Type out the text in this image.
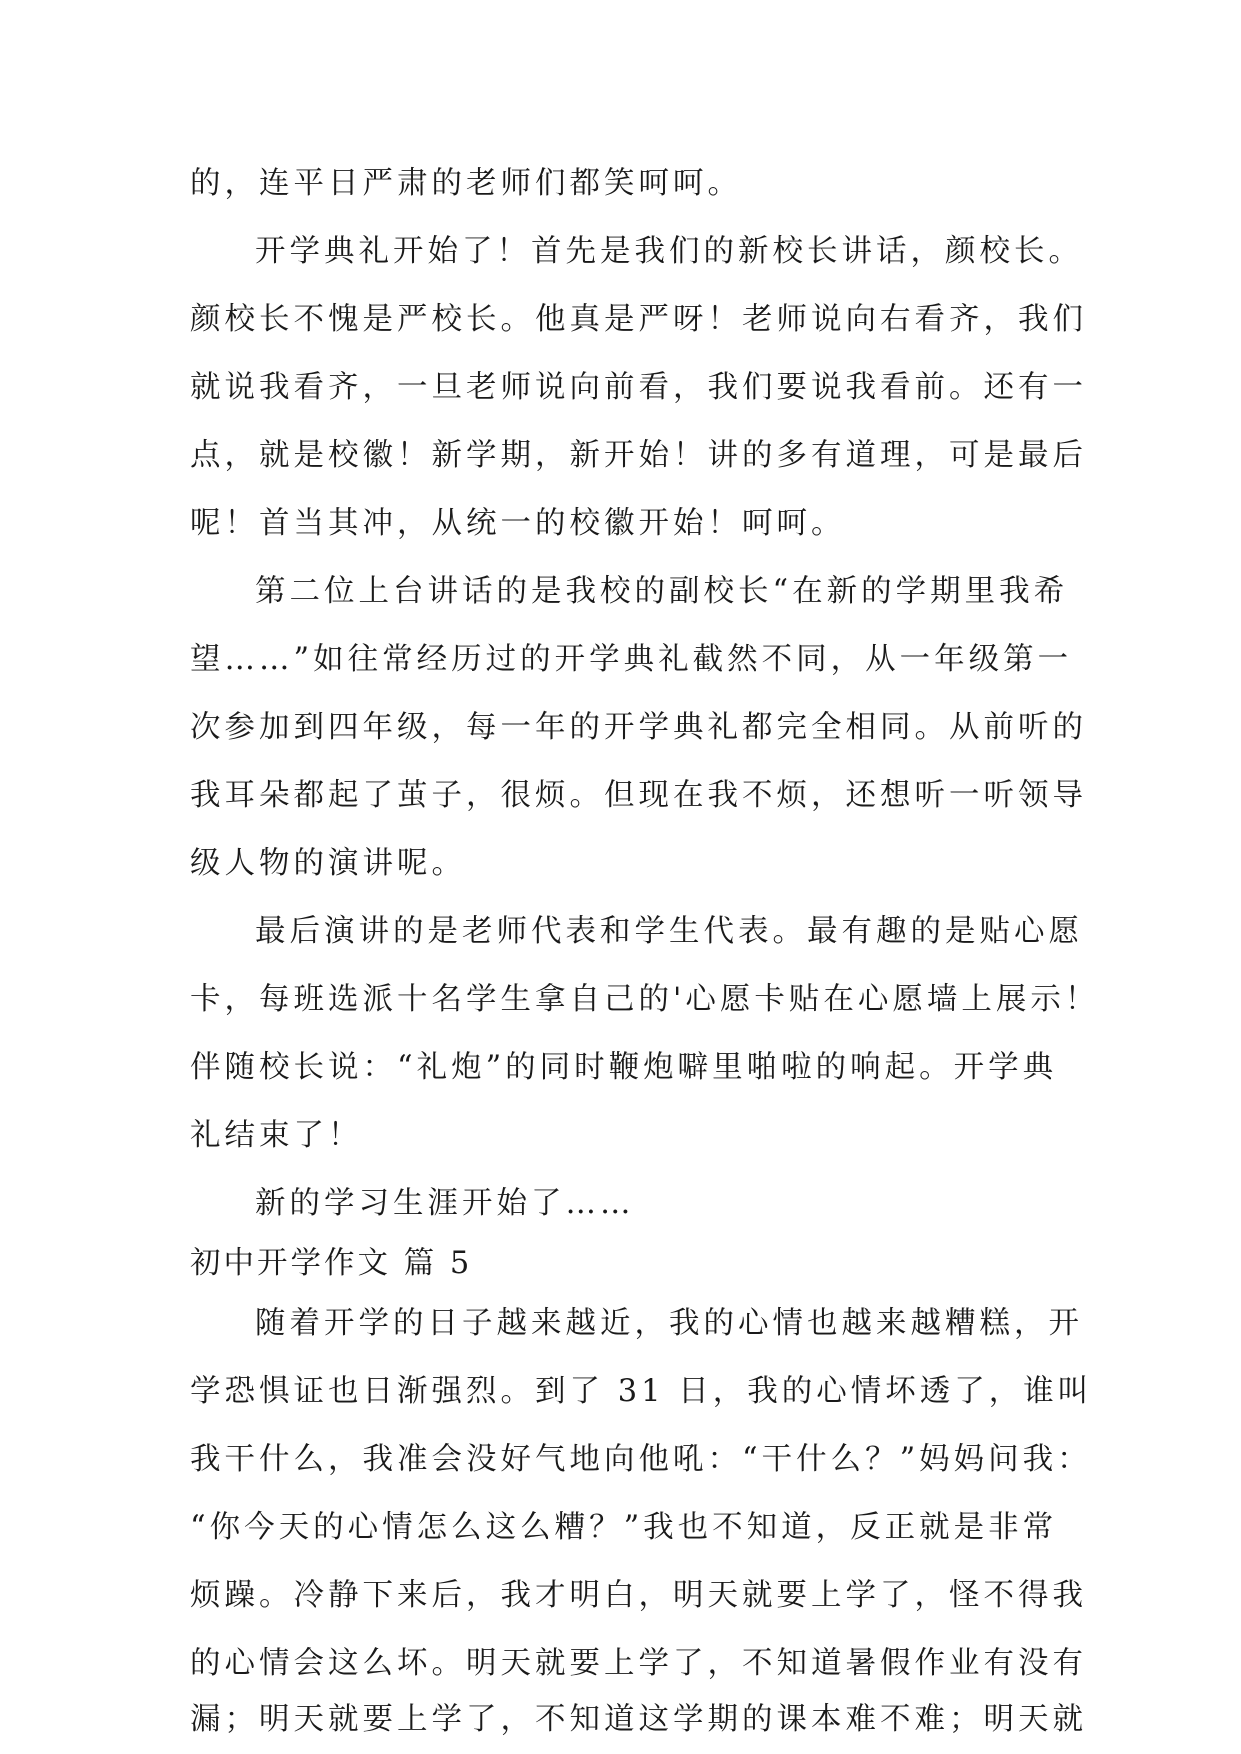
的，连平日严肃的老师们都笑呵呵。
开学典礼开始了！首先是我们的新校长讲话，颜校长。
颜校长不愧是严校长。他真是严呀！老师说向右看齐，我们
就说我看齐，一旦老师说向前看，我们要说我看前。还有一
点，就是校徽！新学期，新开始！讲的多有道理，可是最后
呢！首当其冲，从统一的校徽开始！呵呵。
第二位上台讲话的是我校的副校长“在新的学期里我希
望……”如往常经历过的开学典礼截然不同，从一年级第一
次参加到四年级，每一年的开学典礼都完全相同。从前听的
我耳朵都起了茧子，很烦。但现在我不烦，还想听一听领导
级人物的演讲呢。
最后演讲的是老师代表和学生代表。最有趣的是贴心愿
卡，每班选派十名学生拿自己的'心愿卡贴在心愿墙上展示！
伴随校长说：“礼炮”的同时鞭炮噼里啪啦的响起。开学典
礼结束了！
新的学习生涯开始了……
初中开学作文 篇 5
随着开学的日子越来越近，我的心情也越来越糟糕，开
学恐惧证也日渐强烈。到了 31 日，我的心情坏透了，谁叫
我干什么，我准会没好气地向他吼：“干什么？”妈妈问我：
“你今天的心情怎么这么糟？”我也不知道，反正就是非常
烦躁。冷静下来后，我才明白，明天就要上学了，怪不得我
的心情会这么坏。明天就要上学了，不知道暑假作业有没有
漏；明天就要上学了，不知道这学期的课本难不难；明天就
